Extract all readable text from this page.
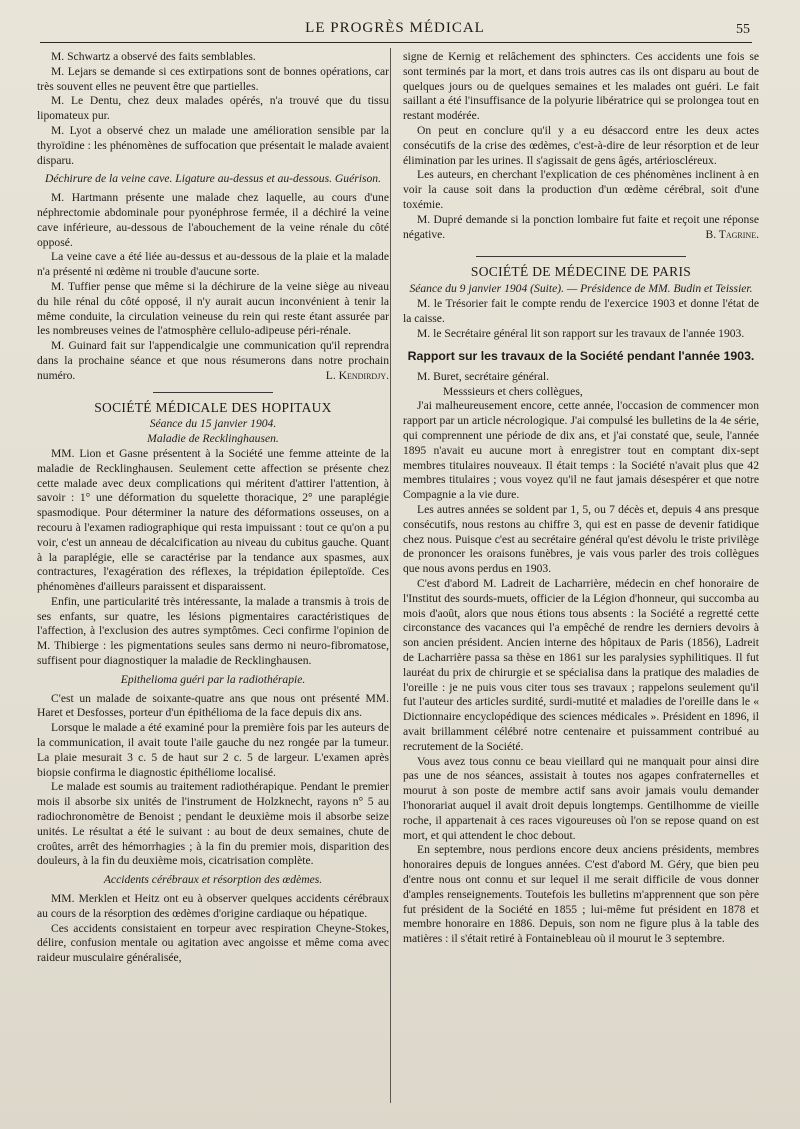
LE PROGRÈS MÉDICAL	55

M. Schwartz a observé des faits semblables.

M. Lejars se demande si ces extirpations sont de bonnes opérations, car très souvent elles ne peuvent être que partielles.

M. Le Dentu, chez deux malades opérés, n'a trouvé que du tissu lipomateux pur.

M. Lyot a observé chez un malade une amélioration sensible par la thyroïdine : les phénomènes de suffocation que présentait le malade avaient disparu.

Déchirure de la veine cave. Ligature au-dessus et au-dessous. Guérison.

M. Hartmann présente une malade chez laquelle, au cours d'une néphrectomie abdominale pour pyonéphrose fermée, il a déchiré la veine cave inférieure, au-dessous de l'abouchement de la veine rénale du côté opposé.

La veine cave a été liée au-dessus et au-dessous de la plaie et la malade n'a présenté ni œdème ni trouble d'aucune sorte.

M. Tuffier pense que même si la déchirure de la veine siège au niveau du hile rénal du côté opposé, il n'y aurait aucun inconvénient à tenir la même conduite, la circulation veineuse du rein qui reste étant assurée par les nombreuses veines de l'atmosphère cellulo-adipeuse péri-rénale.

M. Guinard fait sur l'appendicalgie une communication qu'il reprendra dans la prochaine séance et que nous résumerons dans notre prochain numéro.	L. Kendirdjy.

SOCIÉTÉ MÉDICALE DES HOPITAUX

Séance du 15 janvier 1904.

Maladie de Recklinghausen.

MM. Lion et Gasne présentent à la Société une femme atteinte de la maladie de Recklinghausen. Seulement cette affection se présente chez cette malade avec deux complications qui méritent d'attirer l'attention, à savoir : 1° une déformation du squelette thoracique, 2° une paraplégie spasmodique. Pour déterminer la nature des déformations osseuses, on a recouru à l'examen radiographique qui resta impuissant : tout ce qu'on a pu voir, c'est un anneau de décalcification au niveau du cubitus gauche. Quant à la paraplégie, elle se caractérise par la tendance aux spasmes, aux contractures, l'exagération des réflexes, la trépidation épileptoïde. Ces phénomènes d'ailleurs paraissent et disparaissent.

Enfin, une particularité très intéressante, la malade a transmis à trois de ses enfants, sur quatre, les lésions pigmentaires caractéristiques de l'affection, à l'exclusion des autres symptômes. Ceci confirme l'opinion de M. Thibierge : les pigmentations seules sans dermo ni neuro-fibromatose, suffisent pour diagnostiquer la maladie de Recklinghausen.

Epithelioma guéri par la radiothérapie.

C'est un malade de soixante-quatre ans que nous ont présenté MM. Haret et Desfosses, porteur d'un épithélioma de la face depuis dix ans.

Lorsque le malade a été examiné pour la première fois par les auteurs de la communication, il avait toute l'aile gauche du nez rongée par la tumeur. La plaie mesurait 3 c. 5 de haut sur 2 c. 5 de largeur. L'examen après biopsie confirma le diagnostic épithéliome localisé.

Le malade est soumis au traitement radiothérapique. Pendant le premier mois il absorbe six unités de l'instrument de Holzknecht, rayons n° 5 au radiochronomètre de Benoist ; pendant le deuxième mois il absorbe seize unités. Le résultat a été le suivant : au bout de deux semaines, chute de croûtes, arrêt des hémorrhagies ; à la fin du premier mois, disparition des douleurs, à la fin du deuxième mois, cicatrisation complète.

Accidents cérébraux et résorption des œdèmes.

MM. Merklen et Heitz ont eu à observer quelques accidents cérébraux au cours de la résorption des œdèmes d'origine cardiaque ou hépatique.

Ces accidents consistaient en torpeur avec respiration Cheyne-Stokes, délire, confusion mentale ou agitation avec angoisse et même coma avec raideur musculaire généralisée,

signe de Kernig et relâchement des sphincters. Ces accidents une fois se sont terminés par la mort, et dans trois autres cas ils ont disparu au bout de quelques jours ou de quelques semaines et les malades ont guéri. Le fait saillant a été l'insuffisance de la polyurie libératrice qui se prolongea tout en restant modérée.

On peut en conclure qu'il y a eu désaccord entre les deux actes consécutifs de la crise des œdèmes, c'est-à-dire de leur résorption et de leur élimination par les urines. Il s'agissait de gens âgés, artérioscléreux.

Les auteurs, en cherchant l'explication de ces phénomènes inclinent à en voir la cause soit dans la production d'un œdème cérébral, soit d'une toxémie.

M. Dupré demande si la ponction lombaire fut faite et reçoit une réponse négative.	B. Tagrine.

SOCIÉTÉ DE MÉDECINE DE PARIS

Séance du 9 janvier 1904 (Suite). — Présidence de MM. Budin et Teissier.

M. le Trésorier fait le compte rendu de l'exercice 1903 et donne l'état de la caisse.

M. le Secrétaire général lit son rapport sur les travaux de l'année 1903.

Rapport sur les travaux de la Société pendant l'année 1903.

M. Buret, secrétaire général.

Messsieurs et chers collègues,

J'ai malheureusement encore, cette année, l'occasion de commencer mon rapport par un article nécrologique. J'ai compulsé les bulletins de la 4e série, qui comprennent une période de dix ans, et j'ai constaté que, seule, l'année 1895 n'avait eu aucune mort à enregistrer tout en comptant dix-sept membres titulaires nouveaux. Il était temps : la Société n'avait plus que 42 membres titulaires ; vous voyez qu'il ne faut jamais désespérer et que notre Compagnie a la vie dure.

Les autres années se soldent par 1, 5, ou 7 décès et, depuis 4 ans presque consécutifs, nous restons au chiffre 3, qui est en passe de devenir fatidique chez nous. Puisque c'est au secrétaire général qu'est dévolu le triste privilège de prononcer les oraisons funèbres, je vais vous parler des trois collègues que nous avons perdus en 1903.

C'est d'abord M. Ladreit de Lacharrière, médecin en chef honoraire de l'Institut des sourds-muets, officier de la Légion d'honneur, qui succomba au mois d'août, alors que nous étions tous absents : la Société a regretté cette circonstance des vacances qui l'a empêché de rendre les derniers devoirs à son ancien président. Ancien interne des hôpitaux de Paris (1856), Ladreit de Lacharrière passa sa thèse en 1861 sur les paralysies syphilitiques. Il fut lauréat du prix de chirurgie et se spécialisa dans la pratique des maladies de l'oreille : je ne puis vous citer tous ses travaux ; rappelons seulement qu'il fut l'auteur des articles surdité, surdi-mutité et maladies de l'oreille dans le « Dictionnaire encyclopédique des sciences médicales ». Président en 1896, il avait brillamment célébré notre centenaire et puissamment contribué au recrutement de la Société.

Vous avez tous connu ce beau vieillard qui ne manquait pour ainsi dire pas une de nos séances, assistait à toutes nos agapes confraternelles et mourut à son poste de membre actif sans avoir jamais voulu demander l'honorariat auquel il avait droit depuis longtemps. Gentilhomme de vieille roche, il appartenait à ces races vigoureuses où l'on se repose quand on est mort, et qui attendent le choc debout.

En septembre, nous perdions encore deux anciens présidents, membres honoraires depuis de longues années. C'est d'abord M. Géry, que bien peu d'entre nous ont connu et sur lequel il me serait difficile de vous donner d'amples renseignements. Toutefois les bulletins m'apprennent que son père fut président de la Société en 1855 ; lui-même fut président en 1878 et membre honoraire en 1886. Depuis, son nom ne figure plus à la table des matières : il s'était retiré à Fontainebleau où il mourut le 3 septembre.
